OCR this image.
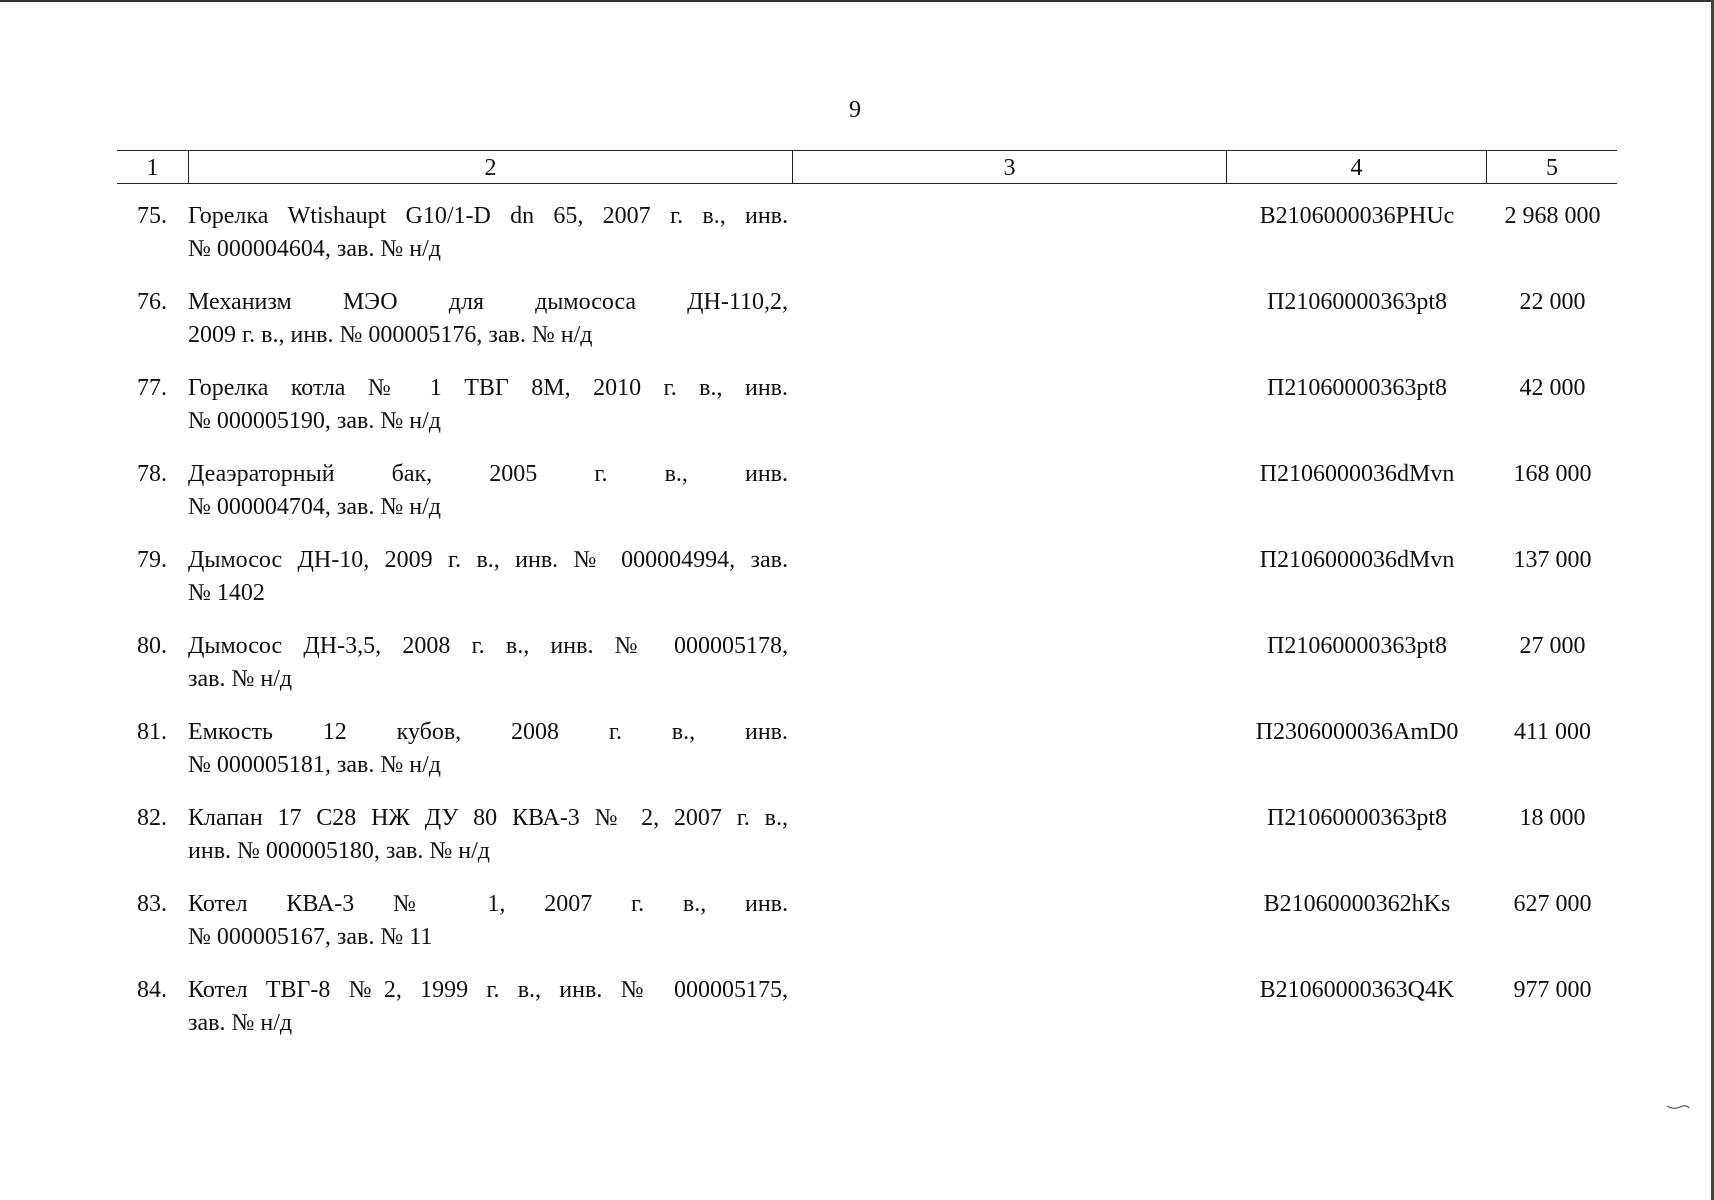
9
1	2	3	4	5
75. Горелка Wtishaupt G10/1-D dn 65, 2007 г. в., инв.
№ 000004604, зав. № н/д
В2106000036PHUc	2 968 000
76. Механизм МЭО для дымососа ДН-110,2,
2009 г. в., инв. № 000005176, зав. № н/д
П21060000363pt8	22 000
77. Горелка котла № 1 ТВГ 8М, 2010 г. в., инв.
№ 000005190, зав. № н/д
П21060000363pt8	42 000
78. Деаэраторный бак, 2005 г. в., инв.
№ 000004704, зав. № н/д
П2106000036dMvn	168 000
79. Дымосос ДН-10, 2009 г. в., инв. № 000004994, зав.
№ 1402
П2106000036dMvn	137 000
80. Дымосос ДН-3,5, 2008 г. в., инв. № 000005178,
зав. № н/д
П21060000363pt8	27 000
81. Емкость 12 кубов, 2008 г. в., инв.
№ 000005181, зав. № н/д
П2306000036AmD0	411 000
82. Клапан 17 С28 НЖ ДУ 80 КВА-3 № 2, 2007 г. в.,
инв. № 000005180, зав. № н/д
П21060000363pt8	18 000
83. Котел КВА-3 № 1, 2007 г. в., инв.
№ 000005167, зав. № 11
В21060000362hKs	627 000
84. Котел ТВГ-8 №2, 1999 г. в., инв. № 000005175,
зав. № н/д
В21060000363Q4K	977 000
